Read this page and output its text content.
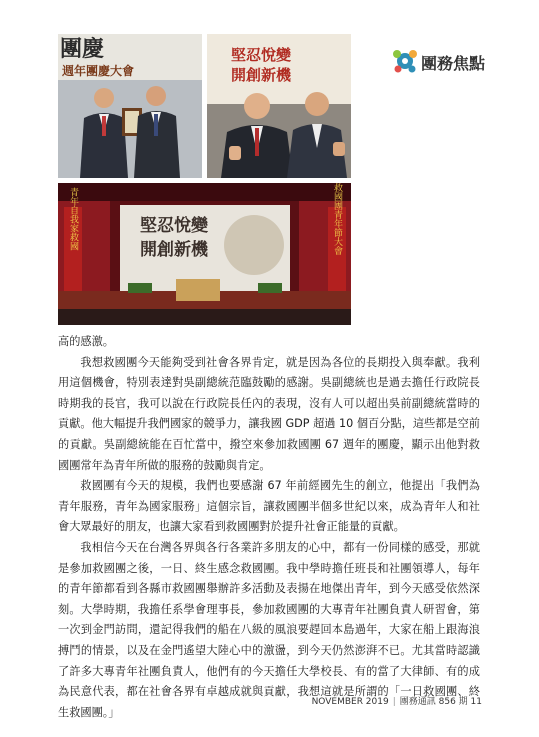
團慶
週年團慶大會
堅忍悅變
開創新機
青年自我家救國	救國團青年節大會
堅忍悅變
開創新機
團務焦點

高的感激。

我想救國團今天能夠受到社會各界肯定，就是因為各位的長期投入與奉獻。我利用這個機會，特別表達對吳副總統范臨鼓勵的感謝。吳副總統也是過去擔任行政院長時期我的長官，我可以說在行政院長任內的表現，沒有人可以超出吳前副總統當時的貢獻。他大幅提升我們國家的競爭力，讓我國 GDP 超過 10 個百分點，這些都是空前的貢獻。吳副總統能在百忙當中，撥空來參加救國團 67 週年的團慶，顯示出他對救國團常年為青年所做的服務的鼓勵與肯定。

救國團有今天的規模，我們也要感謝 67 年前經國先生的創立，他提出「我們為青年服務，青年為國家服務」這個宗旨，讓救國團半個多世紀以來，成為青年人和社會大眾最好的朋友，也讓大家看到救國團對於提升社會正能量的貢獻。

我相信今天在台灣各界與各行各業許多朋友的心中，都有一份同樣的感受，那就是參加救國團之後，一日、終生感念救國團。我中學時擔任班長和社團領導人，每年的青年節都看到各縣市救國團舉辦許多活動及表揚在地傑出青年，到今天感受依然深刻。大學時期，我擔任系學會理事長，參加救國團的大專青年社團負責人研習會，第一次到金門訪問，還記得我們的船在八級的風浪要趕回本島過年，大家在船上跟海浪搏鬥的情景，以及在金門遙望大陸心中的激盪，到今天仍然澎湃不已。尤其當時認識了許多大專青年社團負責人，他們有的今天擔任大學校長、有的當了大律師、有的成為民意代表，都在社會各界有卓越成就與貢獻，我想這就是所謂的「一日救國團、終生救國團。」

NOVEMBER 2019 | 團務通訊 856 期 11
